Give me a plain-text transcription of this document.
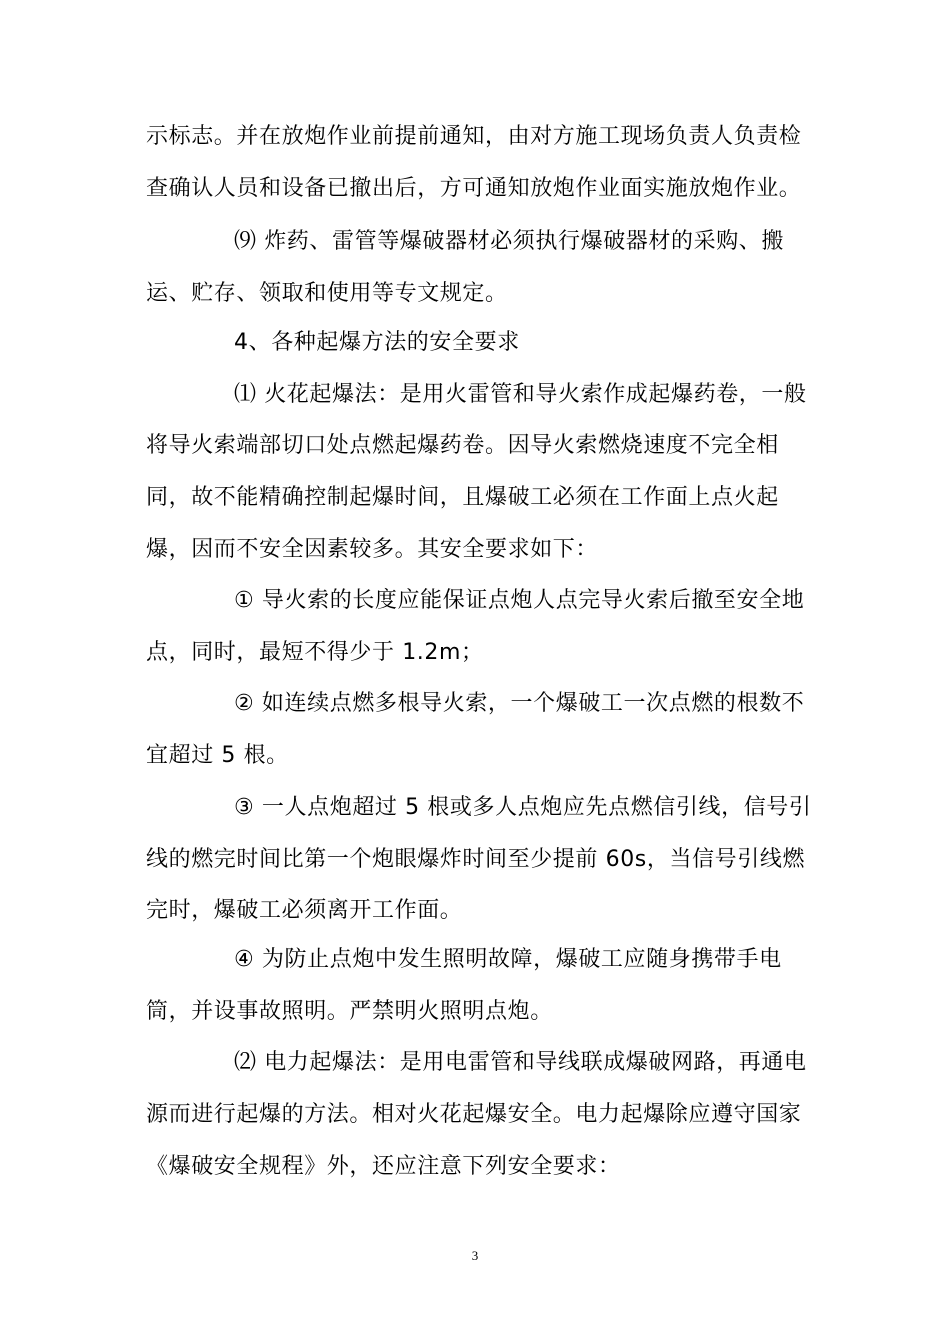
示标志。并在放炮作业前提前通知，由对方施工现场负责人负责检
查确认人员和设备已撤出后，方可通知放炮作业面实施放炮作业。
⑼ 炸药、雷管等爆破器材必须执行爆破器材的采购、搬
运、贮存、领取和使用等专文规定。
4、各种起爆方法的安全要求
⑴ 火花起爆法：是用火雷管和导火索作成起爆药卷，一般
将导火索端部切口处点燃起爆药卷。因导火索燃烧速度不完全相
同，故不能精确控制起爆时间，且爆破工必须在工作面上点火起
爆，因而不安全因素较多。其安全要求如下：
① 导火索的长度应能保证点炮人点完导火索后撤至安全地
点，同时，最短不得少于 1.2m；
② 如连续点燃多根导火索，一个爆破工一次点燃的根数不
宜超过 5 根。
③ 一人点炮超过 5 根或多人点炮应先点燃信引线，信号引
线的燃完时间比第一个炮眼爆炸时间至少提前 60s，当信号引线燃
完时，爆破工必须离开工作面。
④ 为防止点炮中发生照明故障，爆破工应随身携带手电
筒，并设事故照明。严禁明火照明点炮。
⑵ 电力起爆法：是用电雷管和导线联成爆破网路，再通电
源而进行起爆的方法。相对火花起爆安全。电力起爆除应遵守国家
《爆破安全规程》外，还应注意下列安全要求：
3
